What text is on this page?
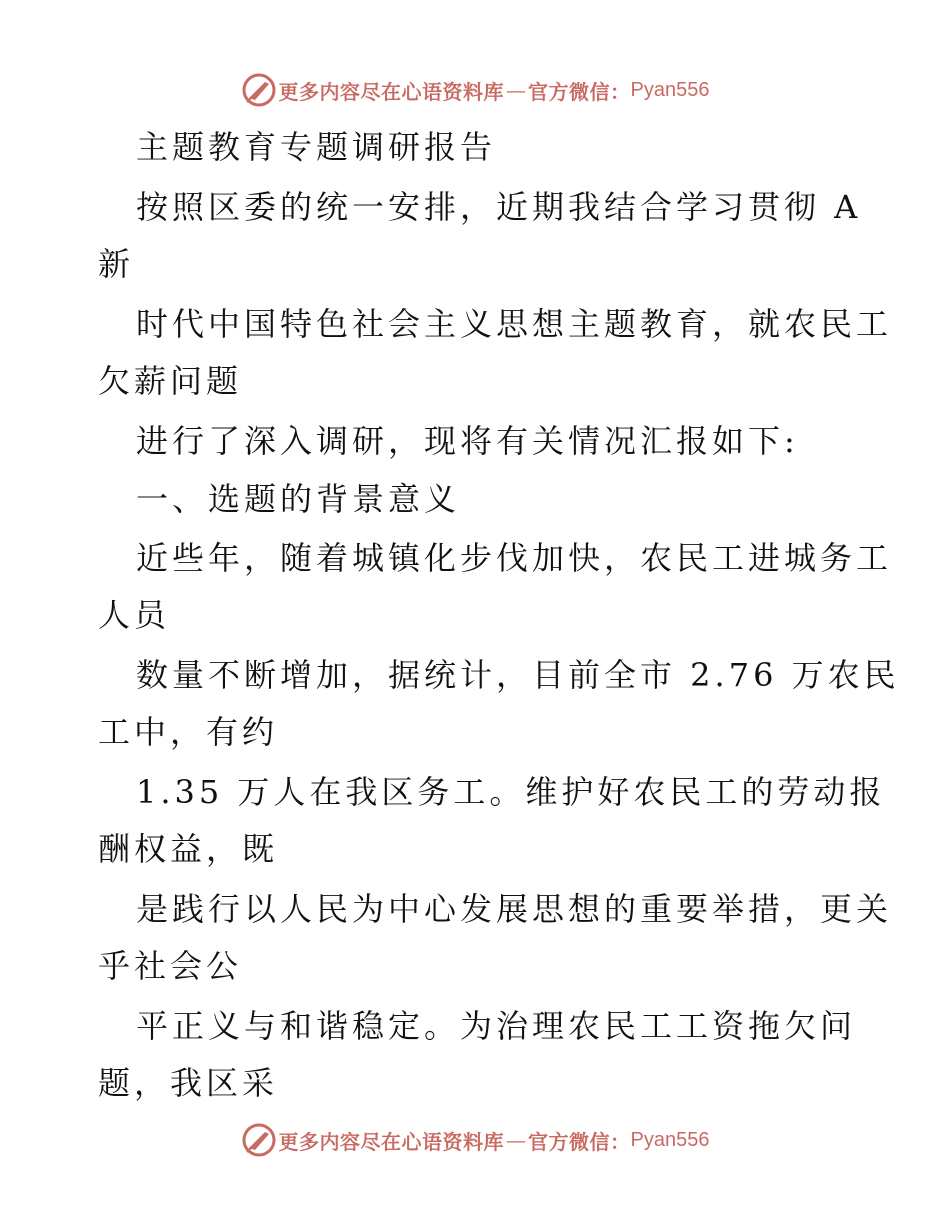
更多内容尽在心语资料库 — 官方微信： Pyan556
主题教育专题调研报告
按照区委的统一安排，近期我结合学习贯彻 A
新
时代中国特色社会主义思想主题教育，就农民工
欠薪问题
进行了深入调研，现将有关情况汇报如下:
一、选题的背景意义
近些年，随着城镇化步伐加快，农民工进城务工
人员
数量不断增加，据统计，目前全市 2.76 万农民
工中，有约
1.35 万人在我区务工。维护好农民工的劳动报
酬权益，既
是践行以人民为中心发展思想的重要举措，更关
乎社会公
平正义与和谐稳定。为治理农民工工资拖欠问
题，我区采
更多内容尽在心语资料库 — 官方微信： Pyan556
